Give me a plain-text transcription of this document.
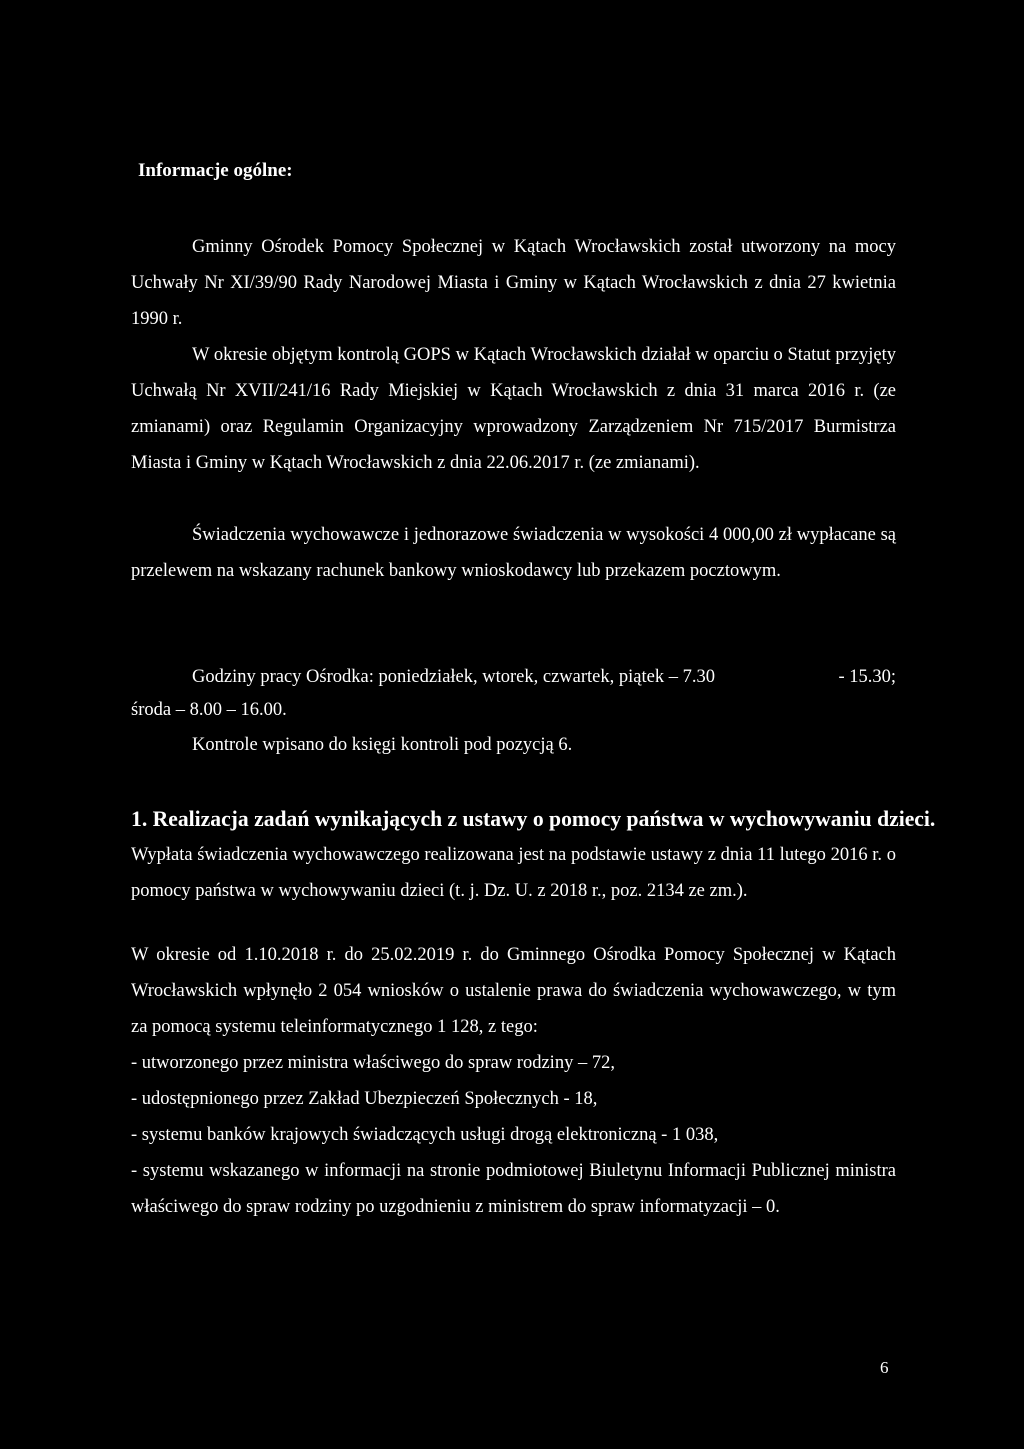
Informacje ogólne:

Gminny Ośrodek Pomocy Społecznej w Kątach Wrocławskich został utworzony na mocy Uchwały Nr XI/39/90 Rady Narodowej Miasta i Gminy w Kątach Wrocławskich z dnia 27 kwietnia 1990 r.

W okresie objętym kontrolą GOPS w Kątach Wrocławskich działał w oparciu o Statut przyjęty Uchwałą Nr XVII/241/16 Rady Miejskiej w Kątach Wrocławskich z dnia 31 marca 2016 r. (ze zmianami) oraz Regulamin Organizacyjny wprowadzony Zarządzeniem Nr 715/2017 Burmistrza Miasta i Gminy w Kątach Wrocławskich z dnia 22.06.2017 r. (ze zmianami).

Świadczenia wychowawcze i jednorazowe świadczenia w wysokości 4 000,00 zł wypłacane są przelewem na wskazany rachunek bankowy wnioskodawcy lub przekazem pocztowym.

Godziny pracy Ośrodka: poniedziałek, wtorek, czwartek, piątek – 7.30	- 15.30;

środa – 8.00 – 16.00.

Kontrole wpisano do księgi kontroli pod pozycją 6.

1. Realizacja zadań wynikających z ustawy o pomocy państwa w wychowywaniu dzieci.

Wypłata świadczenia wychowawczego realizowana jest na podstawie ustawy z dnia 11 lutego 2016 r. o pomocy państwa w wychowywaniu dzieci (t. j. Dz. U. z 2018 r., poz. 2134 ze zm.).

W okresie od 1.10.2018 r. do 25.02.2019 r. do Gminnego Ośrodka Pomocy Społecznej w Kątach Wrocławskich wpłynęło 2 054 wniosków o ustalenie prawa do świadczenia wychowawczego, w tym za pomocą systemu teleinformatycznego 1 128, z tego:

- utworzonego przez ministra właściwego do spraw rodziny – 72,
- udostępnionego przez Zakład Ubezpieczeń Społecznych - 18,
- systemu banków krajowych świadczących usługi drogą elektroniczną - 1 038,
- systemu wskazanego w informacji na stronie podmiotowej Biuletynu Informacji Publicznej ministra właściwego do spraw rodziny po uzgodnieniu z ministrem do spraw informatyzacji – 0.

6
